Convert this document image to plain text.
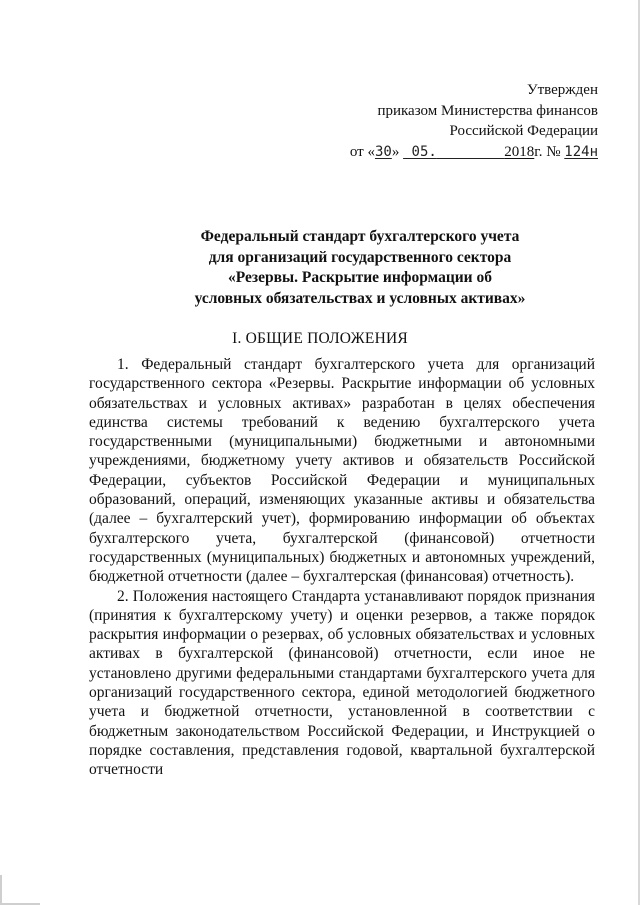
Утвержден
приказом Министерства финансов
Российской Федерации
от «30» 05.	2018г. № 124н
Федеральный стандарт бухгалтерского учета
для организаций государственного сектора
«Резервы. Раскрытие информации об
условных обязательствах и условных активах»
I. ОБЩИЕ ПОЛОЖЕНИЯ

1. Федеральный стандарт бухгалтерского учета для организаций государственного сектора «Резервы. Раскрытие информации об условных обязательствах и условных активах» разработан в целях обеспечения единства системы требований к ведению бухгалтерского учета государственными (муниципальными) бюджетными и автономными учреждениями, бюджетному учету активов и обязательств Российской Федерации, субъектов Российской Федерации и муниципальных образований, операций, изменяющих указанные активы и обязательства (далее – бухгалтерский учет), формированию информации об объектах бухгалтерского учета, бухгалтерской (финансовой) отчетности государственных (муниципальных) бюджетных и автономных учреждений, бюджетной отчетности (далее – бухгалтерская (финансовая) отчетность).

2. Положения настоящего Стандарта устанавливают порядок признания (принятия к бухгалтерскому учету) и оценки резервов, а также порядок раскрытия информации о резервах, об условных обязательствах и условных активах в бухгалтерской (финансовой) отчетности, если иное не установлено другими федеральными стандартами бухгалтерского учета для организаций государственного сектора, единой методологией бюджетного учета и бюджетной отчетности, установленной в соответствии с бюджетным законодательством Российской Федерации, и Инструкцией о порядке составления, представления годовой, квартальной бухгалтерской отчетности
